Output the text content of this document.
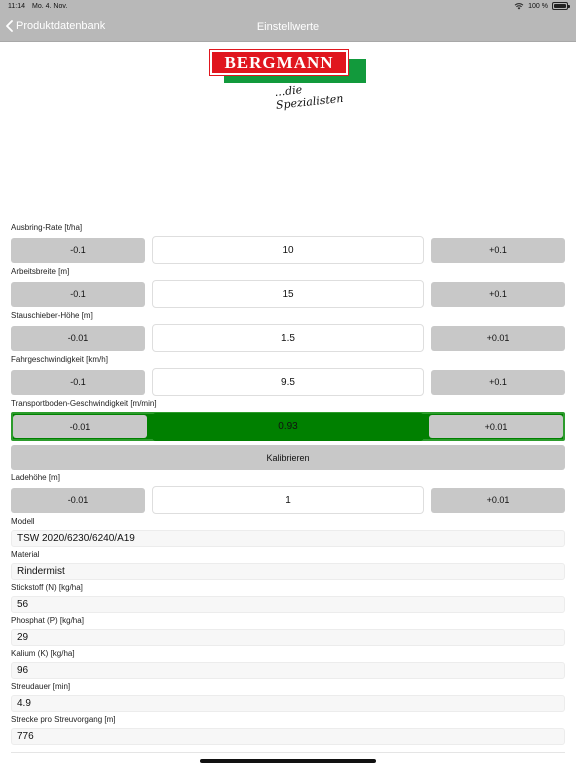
11:14 Mo. 4. Nov.	100 %
Produktdatenbank	Einstellwerte
BERGMANN
...die Spezialisten
Ausbring-Rate [t/ha]
-0.1	10	+0.1
Arbeitsbreite [m]
-0.1	15	+0.1
Stauschieber-Höhe [m]
-0.01	1.5	+0.01
Fahrgeschwindigkeit [km/h]
-0.1	9.5	+0.1
Transportboden-Geschwindigkeit [m/min]
-0.01	0.93	+0.01
Kalibrieren
Ladehöhe [m]
-0.01	1	+0.01
Modell
TSW 2020/6230/6240/A19
Material
Rindermist
Stickstoff (N) [kg/ha]
56
Phosphat (P) [kg/ha]
29
Kalium (K) [kg/ha]
96
Streudauer [min]
4.9
Strecke pro Streuvorgang [m]
776
